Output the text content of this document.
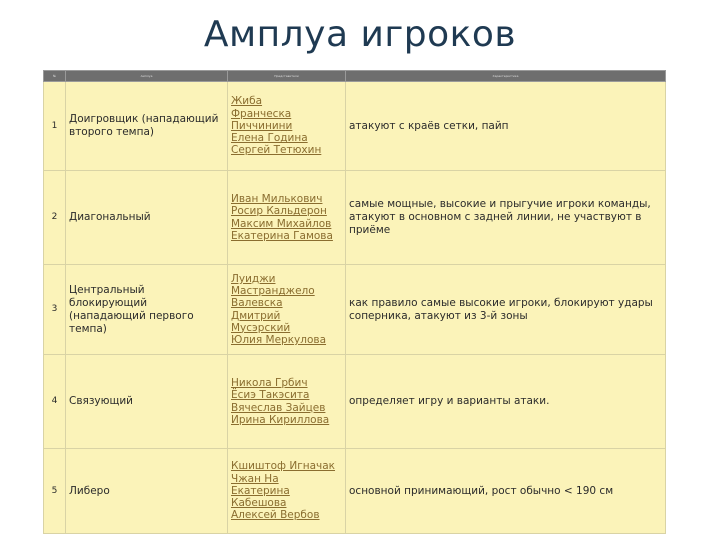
Амплуа игроков
№	Амплуа	Представители	Характеристика
1	Доигровщик (нападающий второго темпа)	Жиба
Франческа
Пиччинини
Елена Година
Сергей Тетюхин	атакуют с краёв сетки, пайп
2	Диагональный	Иван Милькович
Росир Кальдерон
Максим Михайлов
Екатерина Гамова	самые мощные, высокие и прыгучие игроки команды, атакуют в основном с задней линии, не участвуют в приёме
3	Центральный блокирующий (нападающий первого темпа)	Луиджи
Мастранджело
Валевска
Дмитрий Мусэрский
Юлия Меркулова	как правило самые высокие игроки, блокируют удары соперника, атакуют из 3-й зоны
4	Связующий	Никола Грбич
Ёсиэ Такэсита
Вячеслав Зайцев
Ирина Кириллова	определяет игру и варианты атаки.
5	Либеро	Кшиштоф Игначак
Чжан На
Екатерина Кабешова
Алексей Вербов	основной принимающий, рост обычно < 190 см
